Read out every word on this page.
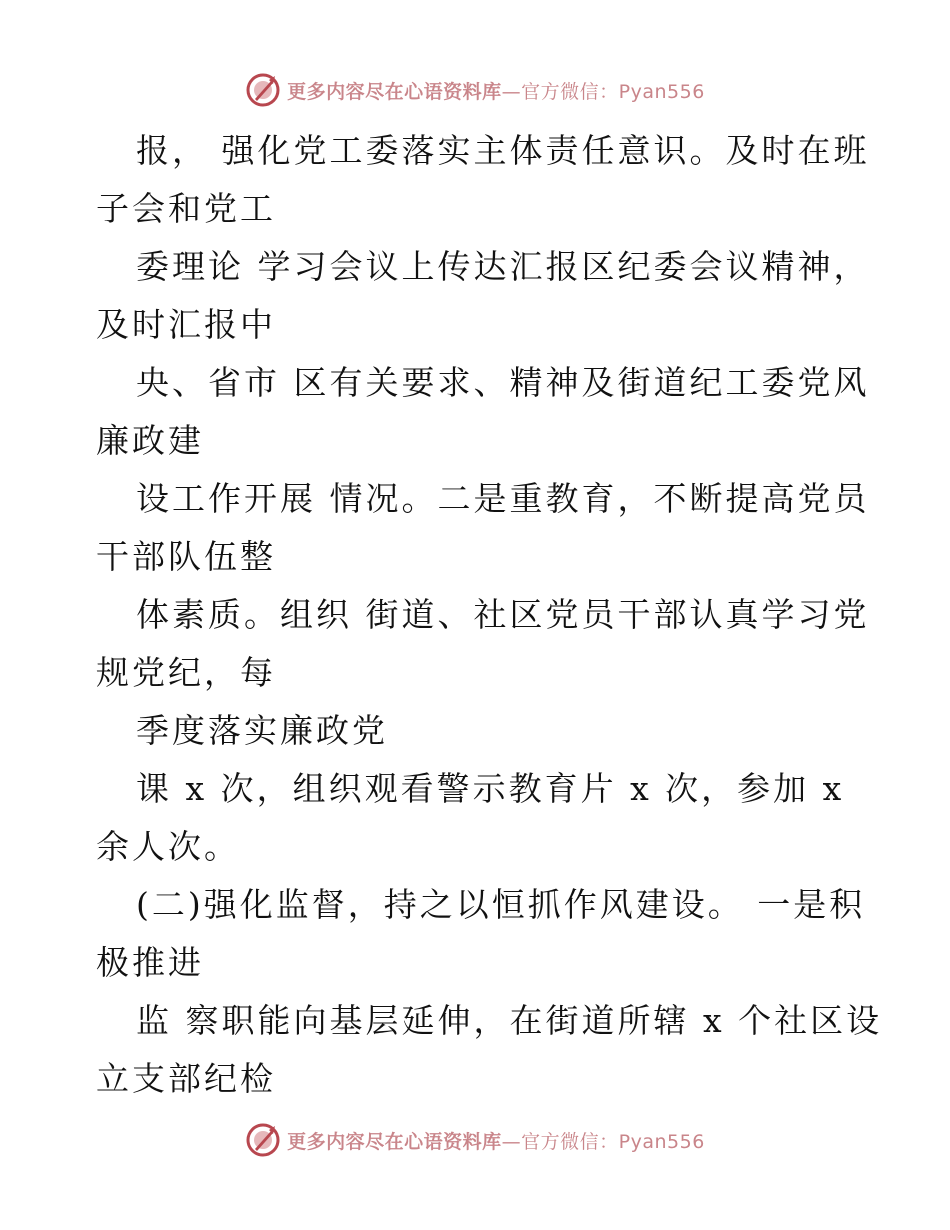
更多内容尽在心语资料库—官方微信：Pyan556
报， 强化党工委落实主体责任意识。及时在班
子会和党工
委理论 学习会议上传达汇报区纪委会议精神，
及时汇报中
央、省市 区有关要求、精神及街道纪工委党风
廉政建
设工作开展 情况。二是重教育，不断提高党员
干部队伍整
体素质。组织 街道、社区党员干部认真学习党
规党纪，每
季度落实廉政党
课 x 次，组织观看警示教育片 x 次，参加 x
余人次。
(二)强化监督，持之以恒抓作风建设。 一是积
极推进
监 察职能向基层延伸，在街道所辖 x 个社区设
立支部纪检
更多内容尽在心语资料库—官方微信：Pyan556
